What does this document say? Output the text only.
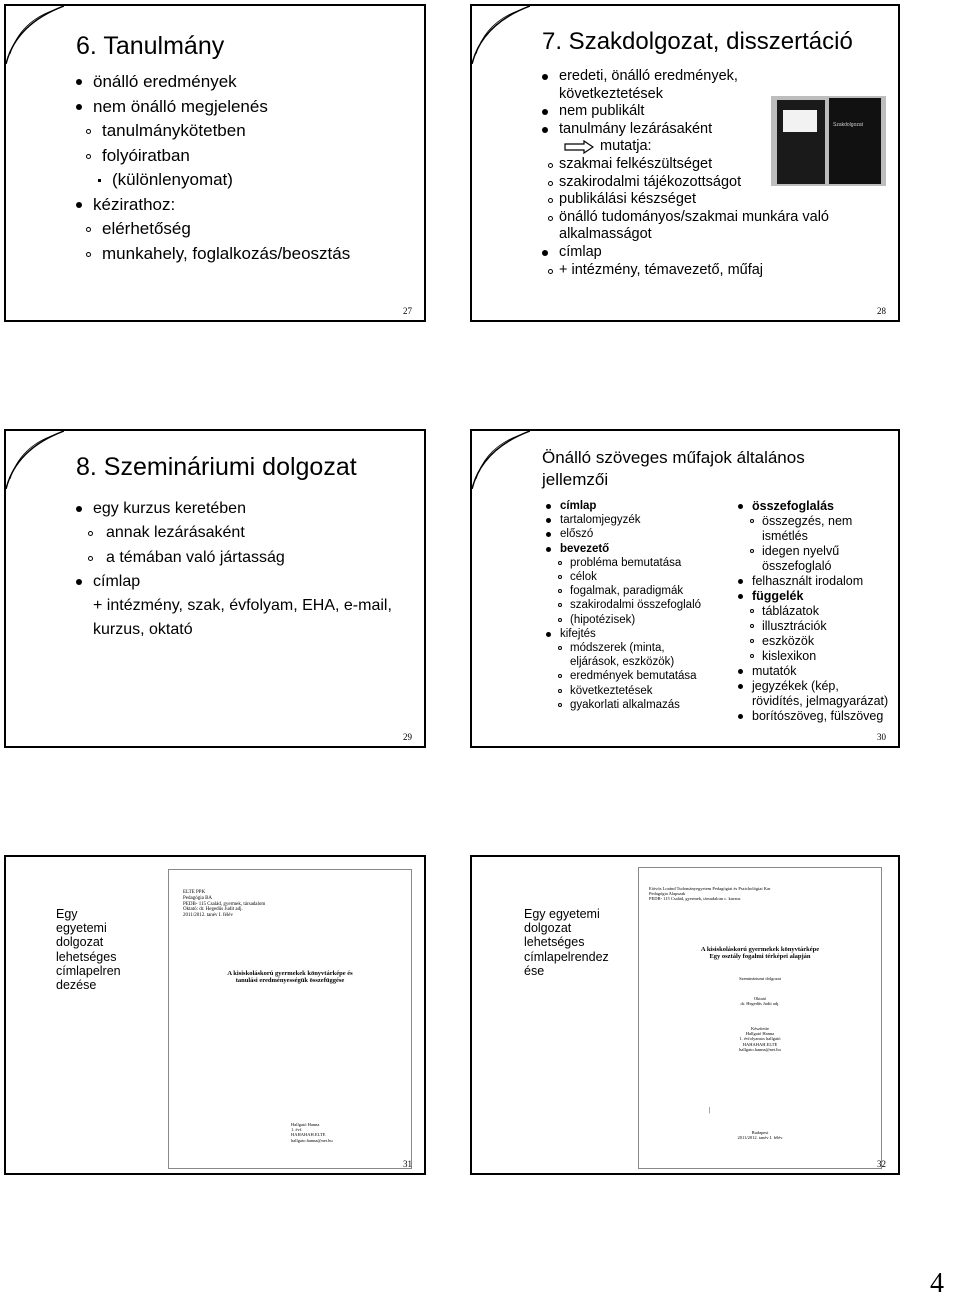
6. Tanulmány
önálló eredmények
nem önálló megjelenés
tanulmánykötetben
folyóiratban
(különlenyomat)
kézirathoz:
elérhetőség
munkahely, foglalkozás/beosztás
27
7. Szakdolgozat, disszertáció
eredeti, önálló eredmények,
következtetések
nem publikált
tanulmány lezárásaként
mutatja:
szakmai felkészültséget
szakirodalmi tájékozottságot
publikálási készséget
önálló tudományos/szakmai munkára való
alkalmasságot
címlap
+ intézmény, témavezető, műfaj
Szakdolgozat
28
8. Szemináriumi dolgozat
egy kurzus keretében
annak lezárásaként
a témában való jártasság
címlap
+ intézmény, szak, évfolyam, EHA, e-mail,
kurzus, oktató
29
Önálló szöveges műfajok általános
jellemzői
címlap
tartalomjegyzék
előszó
bevezető
probléma bemutatása
célok
fogalmak, paradigmák
szakirodalmi összefoglaló
(hipotézisek)
kifejtés
módszerek (minta,
eljárások, eszközök)
eredmények bemutatása
következtetések
gyakorlati alkalmazás
összefoglalás
összegzés, nem ismétlés
idegen nyelvű
összefoglaló
felhasznált irodalom
függelék
táblázatok
illusztrációk
eszközök
kislexikon
mutatók
jegyzékek (kép,
rövidítés, jelmagyarázat)
borítószöveg, fülszöveg
30
Egy
egyetemi
dolgozat
lehetséges
címlapelren
dezése
ELTE PPK
Pedagógia BA
PEDB- 115 Család, gyermek, társadalom
Oktató: dr. Hegedűs Judit adj.
2011/2012. tanév I. félév
A kisiskoláskorú gyermekek könyvtárképe és
tanulási eredményességük összefüggése
Hallgató Hanna
1. évf.
HAHAHAH.ELTE
hallgato.hanna@net.hu
31
Egy egyetemi
dolgozat
lehetséges
címlapelrendez
ése
Eötvös Loránd Tudományegyetem Pedagógiai és Pszichológiai Kar
Pedagógia Alapszak
PEDB- 115 Család, gyermek, társadalom c. kurzus
A kisiskoláskorú gyermekek könyvtárképe
Egy osztály fogalmi térképei alapján
Szemináriumi dolgozat
Oktató
dr. Hegedűs Judit adj.
Készítette
Hallgató Hanna
1. évfolyamos hallgató
HAHAHAH.ELTE
hallgato.hanna@net.hu
|
Budapest
2011/2012. tanév I. félév
32
4
